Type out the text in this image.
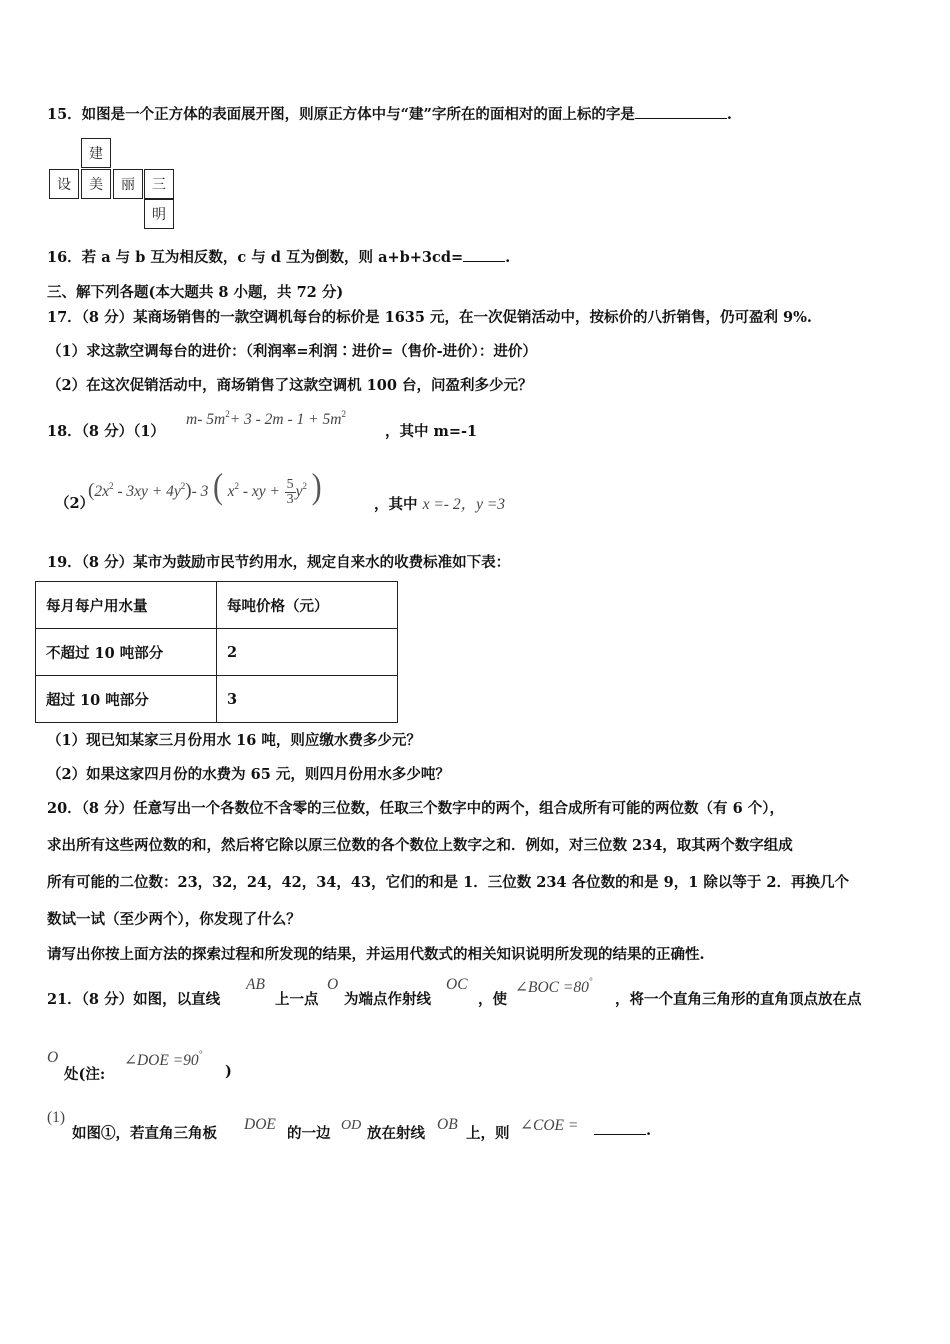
15．如图是一个正方体的表面展开图，则原正方体中与“建”字所在的面相对的面上标的字是	.
建
设	美	丽	三
明
16．若 a 与 b 互为相反数，c 与 d 互为倒数，则 a+b+3cd=	.
三、解下列各题(本大题共 8 小题，共 72 分)
17．（8 分）某商场销售的一款空调机每台的标价是 1635 元，在一次促销活动中，按标价的八折销售，仍可盈利 9%.
（1）求这款空调每台的进价：（利润率=利润∶进价=（售价-进价）：进价）
（2）在这次促销活动中，商场销售了这款空调机 100 台，问盈利多少元？
18．（8 分）（1）
m- $5m^2+ 3 - 2m - 1 + 5m^2$
，其中 m=-1
（2）
$(2x^2 - 3xy + 4y^2)-$ 3 ( $x^2$ - xy + $\frac{5}{3}y^2$ )	，其中 x =- 2，y =3
19．（8 分）某市为鼓励市民节约用水，规定自来水的收费标准如下表：
每月每户用水量	每吨价格（元）
不超过 10 吨部分	2
超过 10 吨部分	3
（1）现已知某家三月份用水 16 吨，则应缴水费多少元？
（2）如果这家四月份的水费为 65 元，则四月份用水多少吨？
20．（8 分）任意写出一个各数位不含零的三位数，任取三个数字中的两个，组合成所有可能的两位数（有 6 个），
求出所有这些两位数的和，然后将它除以原三位数的各个数位上数字之和．例如，对三位数 234，取其两个数字组成
所有可能的二位数：23，32，24，42，34，43，它们的和是 1．三位数 234 各位数的和是 9，1 除以等于 2．再换几个
数试一试（至少两个），你发现了什么？
请写出你按上面方法的探索过程和所发现的结果，并运用代数式的相关知识说明所发现的结果的正确性.
21．（8 分）如图，以直线
AB
上一点
O
为端点作射线
OC
，使
∠BOC =80°
，将一个直角三角形的直角顶点放在点
O
处(注:
∠DOE =90°
)
(1)
如图①，若直角三角板
DOE
的一边 OD 放在射线
OB
上，则 ∠COE =	.
